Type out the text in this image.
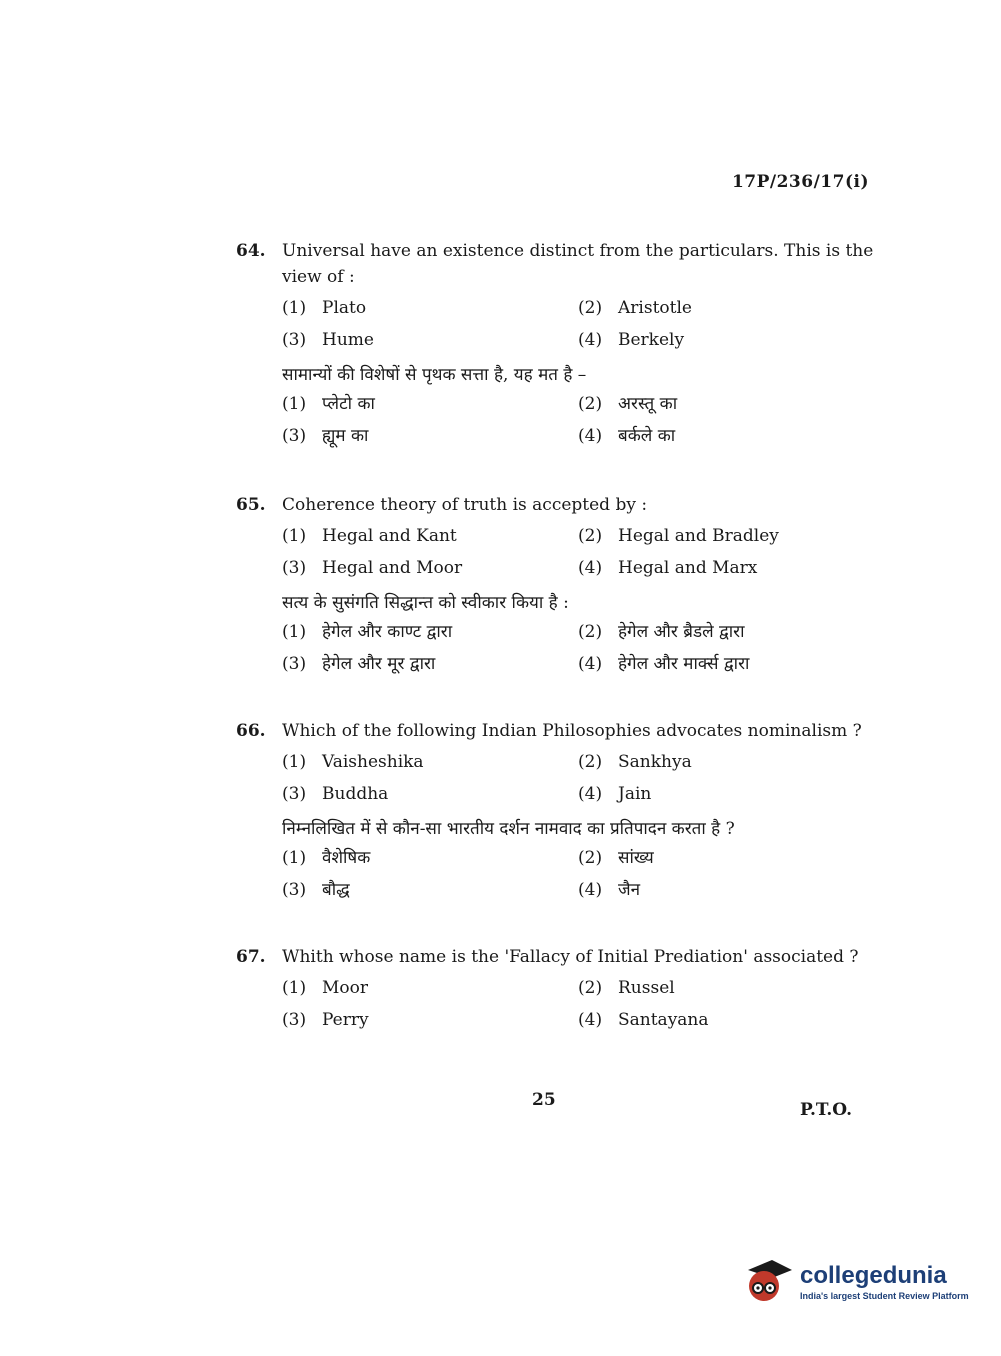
17P/236/17(i)
64. Universal have an existence distinct from the particulars. This is the view of :
(1) Plato	(2) Aristotle
(3) Hume	(4) Berkely
सामान्यों की विशेषों से पृथक सत्ता है, यह मत है –
(1) प्लेटो का	(2) अरस्तू का
(3) ह्यूम का	(4) बर्कले का
65. Coherence theory of truth is accepted by :
(1) Hegal and Kant	(2) Hegal and Bradley
(3) Hegal and Moor	(4) Hegal and Marx
सत्य के सुसंगति सिद्धान्त को स्वीकार किया है :
(1) हेगेल और काण्ट द्वारा	(2) हेगेल और ब्रैडले द्वारा
(3) हेगेल और मूर द्वारा	(4) हेगेल और मार्क्स द्वारा
66. Which of the following Indian Philosophies advocates nominalism ?
(1) Vaisheshika	(2) Sankhya
(3) Buddha	(4) Jain
निम्नलिखित में से कौन-सा भारतीय दर्शन नामवाद का प्रतिपादन करता है ?
(1) वैशेषिक	(2) सांख्य
(3) बौद्ध	(4) जैन
67. Whith whose name is the 'Fallacy of Initial Prediation' associated ?
(1) Moor	(2) Russel
(3) Perry	(4) Santayana
25	P.T.O.
collegedunia
India's largest Student Review Platform
